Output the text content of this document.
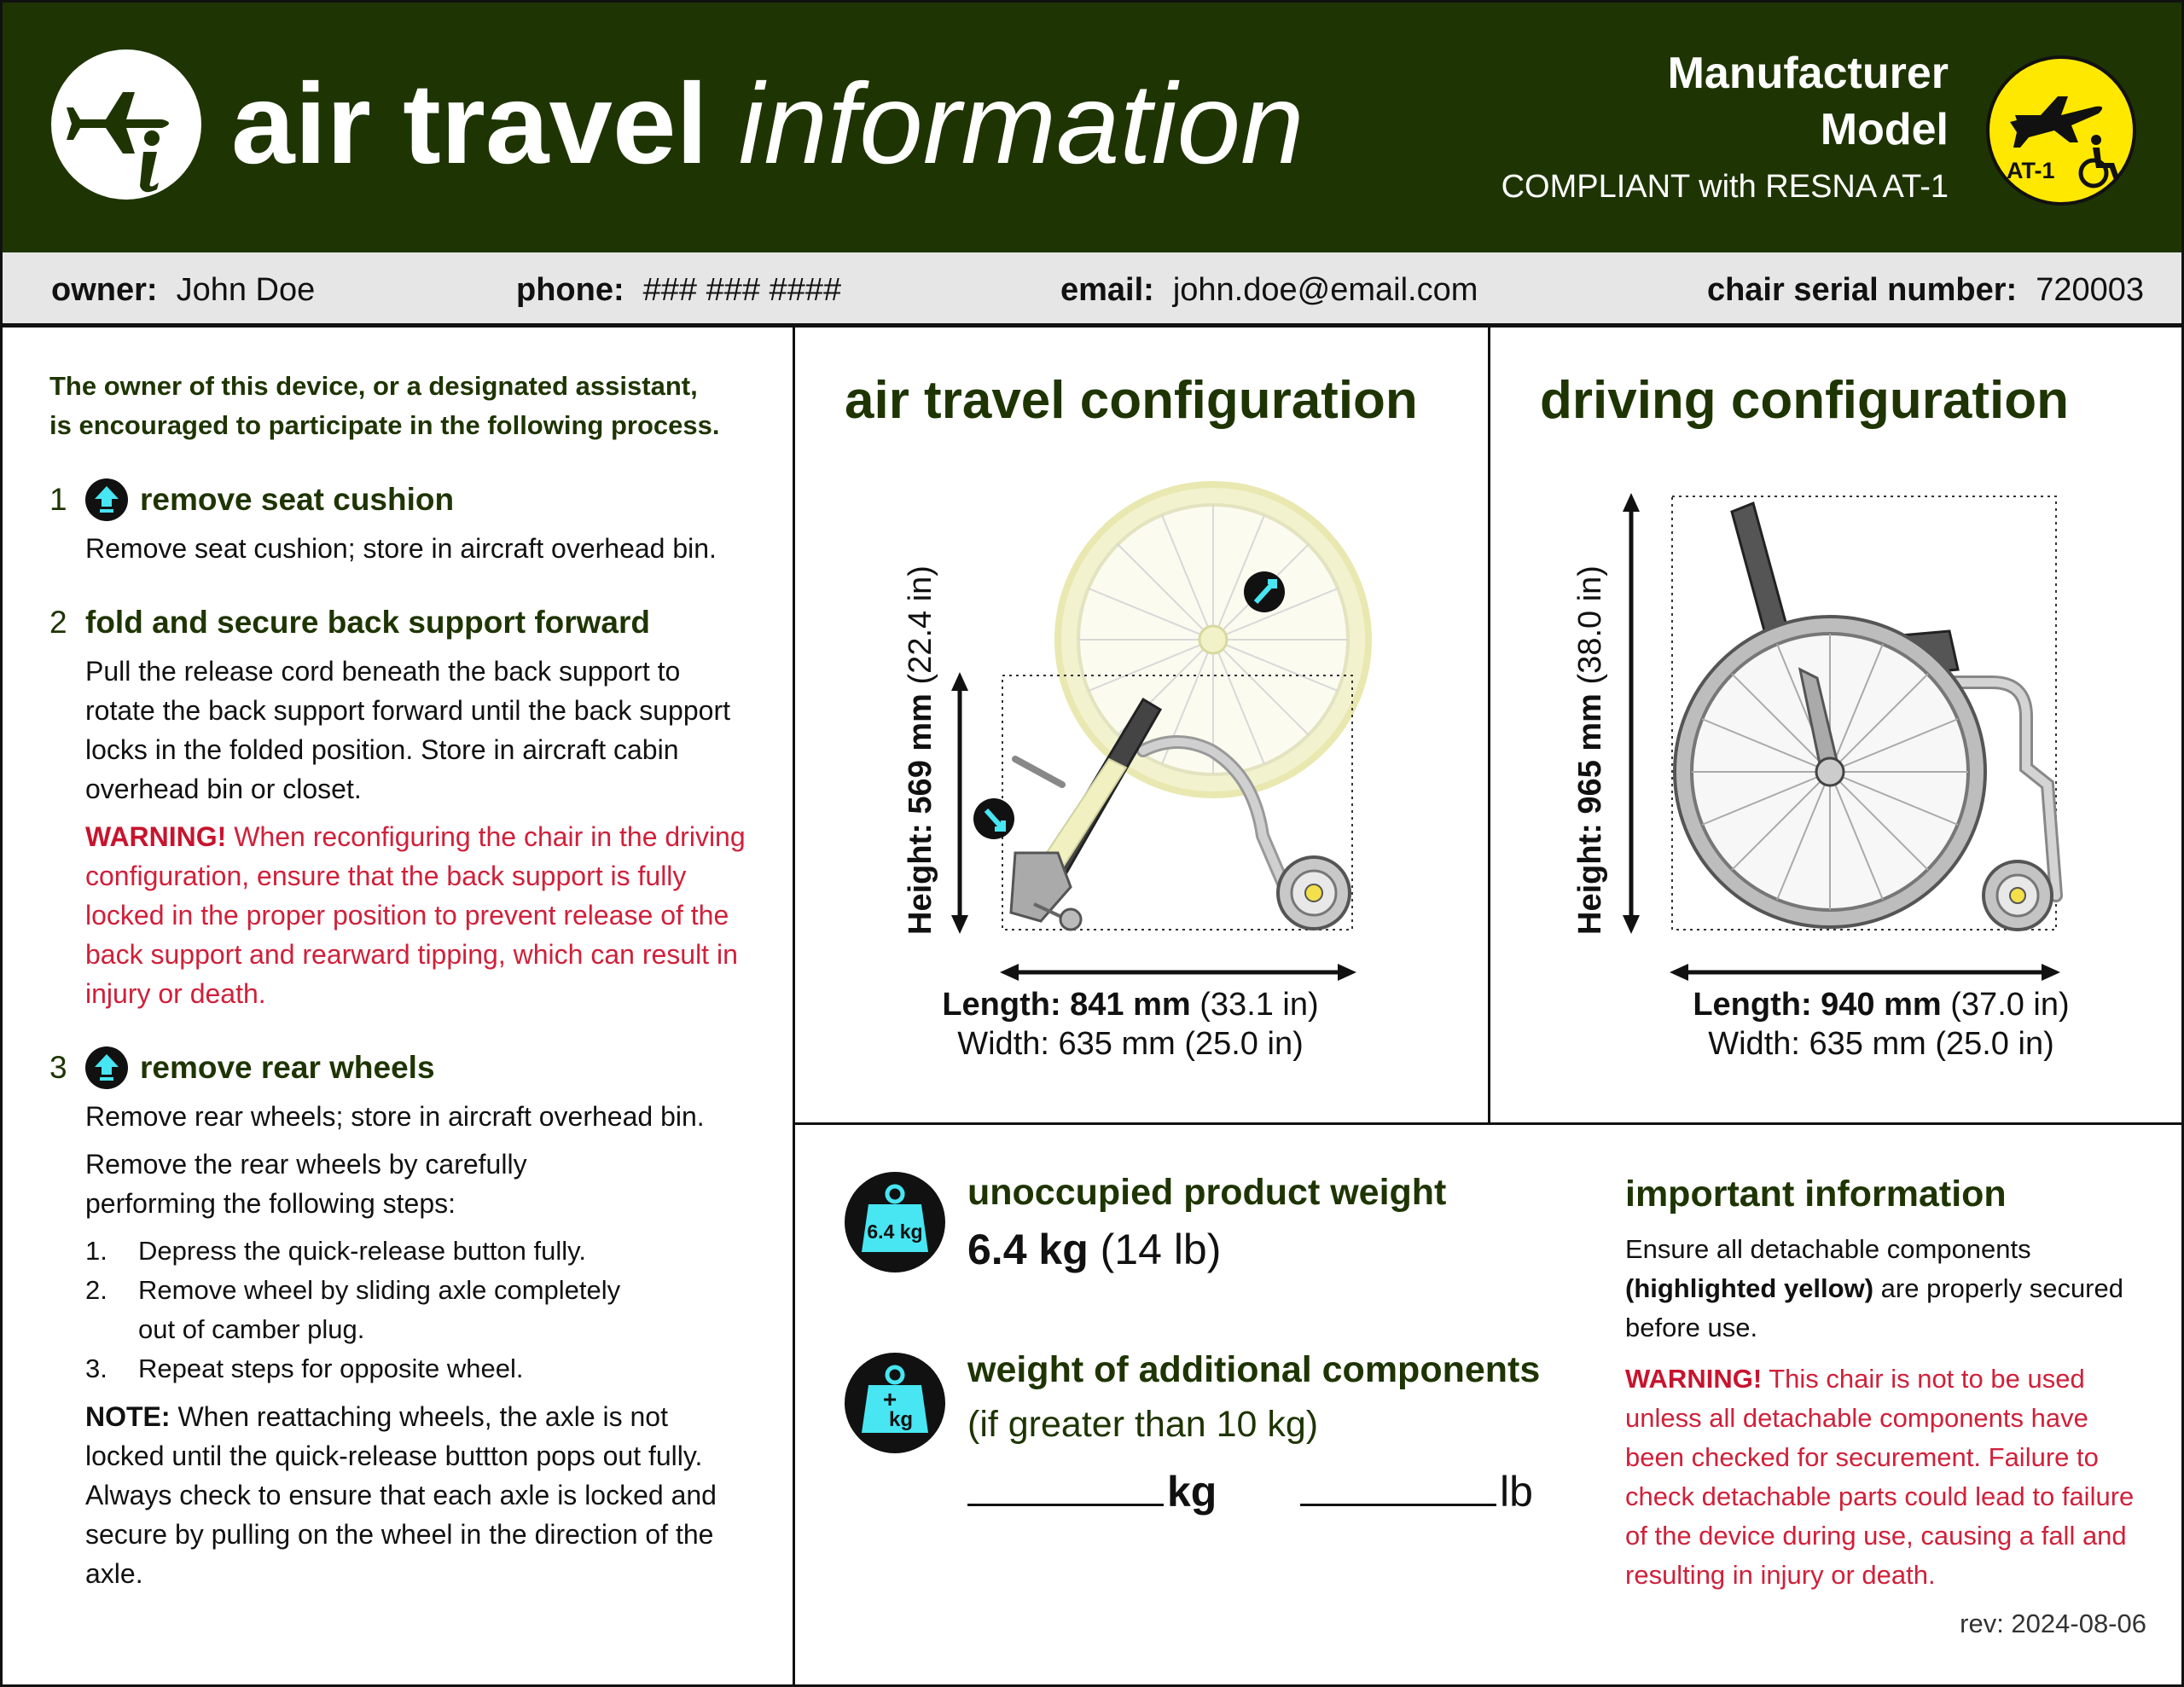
air travel information	Manufacturer
Model
COMPLIANT with RESNA AT-1	AT-1
owner: John Doe	phone: ### ### ####	email: john.doe@email.com	chair serial number: 720003
The owner of this device, or a designated assistant,
is encouraged to participate in the following process.
1	remove seat cushion

Remove seat cushion; store in aircraft overhead bin.

2 fold and secure back support forward

Pull the release cord beneath the back support to rotate the back support forward until the back support locks in the folded position. Store in aircraft cabin overhead bin or closet.

WARNING! When reconfiguring the chair in the driving configuration, ensure that the back support is fully locked in the proper position to prevent release of the back support and rearward tipping, which can result in injury or death.

3	remove rear wheels

Remove rear wheels; store in aircraft overhead bin.

Remove the rear wheels by carefully performing the following steps:

1.	Depress the quick-release button fully.
2.	Remove wheel by sliding axle completely out of camber plug.
3.	Repeat steps for opposite wheel.

NOTE: When reattaching wheels, the axle is not locked until the quick-release buttton pops out fully. Always check to ensure that each axle is locked and secure by pulling on the wheel in the direction of the axle.

air travel configuration
Height: 569 mm (22.4 in)
Length: 841 mm (33.1 in)
Width: 635 mm (25.0 in)
driving configuration
Height: 965 mm (38.0 in)
Length: 940 mm (37.0 in)
Width: 635 mm (25.0 in)
6.4 kg
unoccupied product weight
6.4 kg (14 lb)
+
kg
weight of additional components
(if greater than 10 kg)
kg	lb
important information

Ensure all detachable components (highlighted yellow) are properly secured before use.

WARNING! This chair is not to be used unless all detachable components have been checked for securement. Failure to check detachable parts could lead to failure of the device during use, causing a fall and resulting in injury or death.

rev: 2024-08-06
